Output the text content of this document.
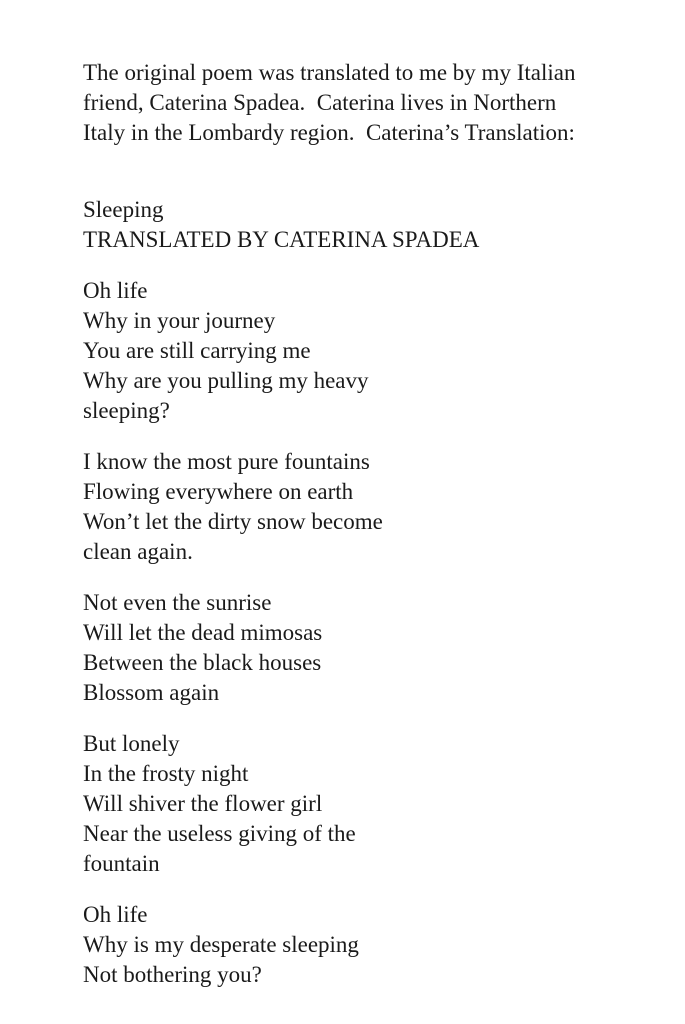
The original poem was translated to me by my Italian
friend, Caterina Spadea.  Caterina lives in Northern
Italy in the Lombardy region.  Caterina’s Translation:
Sleeping
TRANSLATED BY CATERINA SPADEA
Oh life
Why in your journey
You are still carrying me
Why are you pulling my heavy
sleeping?
I know the most pure fountains
Flowing everywhere on earth
Won’t let the dirty snow become
clean again.
Not even the sunrise
Will let the dead mimosas
Between the black houses
Blossom again
But lonely
In the frosty night
Will shiver the flower girl
Near the useless giving of the
fountain
Oh life
Why is my desperate sleeping
Not bothering you?
